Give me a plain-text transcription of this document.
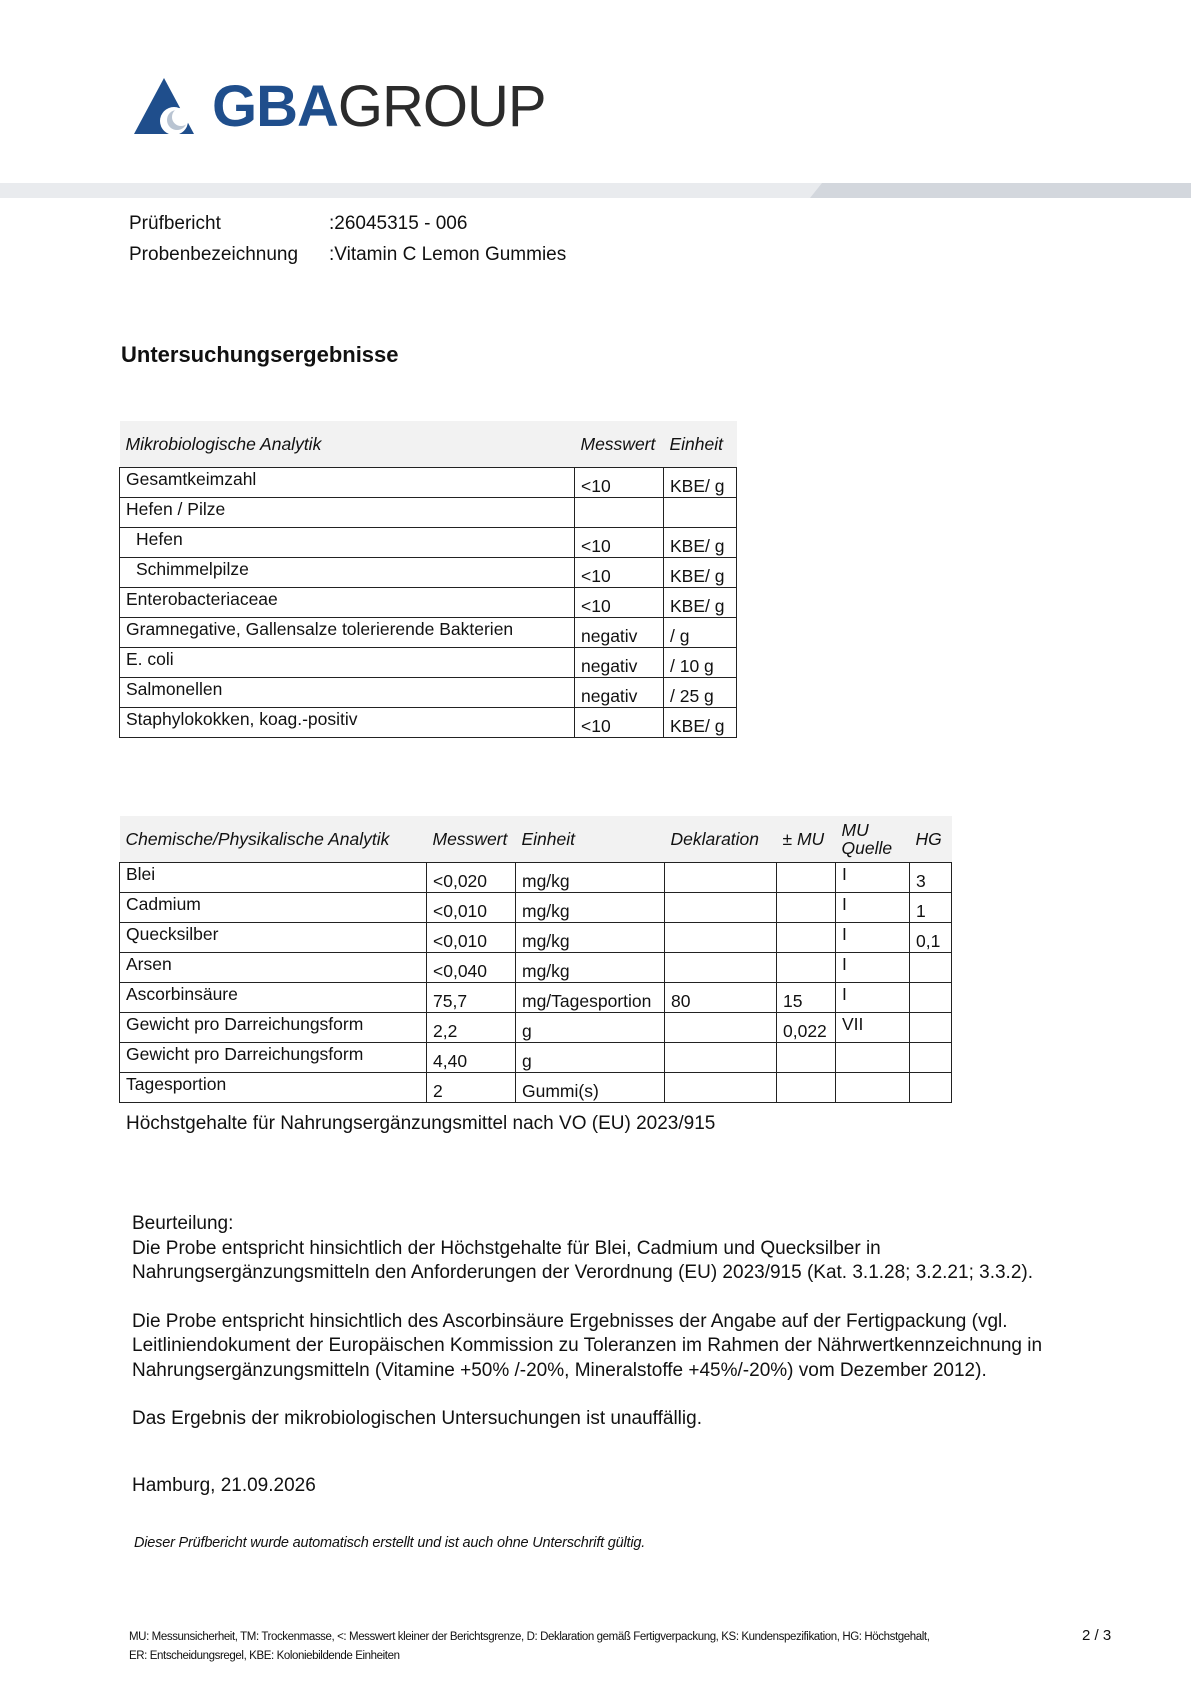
GBAGROUP
Prüfbericht	:26045315 - 006
Probenbezeichnung	:Vitamin C Lemon Gummies
Untersuchungsergebnisse
Mikrobiologische Analytik	Messwert	Einheit
Gesamtkeimzahl	<10	KBE/ g
Hefen / Pilze		
Hefen	<10	KBE/ g
Schimmelpilze	<10	KBE/ g
Enterobacteriaceae	<10	KBE/ g
Gramnegative, Gallensalze tolerierende Bakterien	negativ	/ g
E. coli	negativ	/ 10 g
Salmonellen	negativ	/ 25 g
Staphylokokken, koag.-positiv	<10	KBE/ g
Chemische/Physikalische Analytik	Messwert	Einheit	Deklaration	± MU	MU Quelle	HG
Blei	<0,020	mg/kg			I	3
Cadmium	<0,010	mg/kg			I	1
Quecksilber	<0,010	mg/kg			I	0,1
Arsen	<0,040	mg/kg			I	
Ascorbinsäure	75,7	mg/Tagesportion	80	15	I	
Gewicht pro Darreichungsform	2,2	g		0,022	VII	
Gewicht pro Darreichungsform	4,40	g				
Tagesportion	2	Gummi(s)				
Höchstgehalte für Nahrungsergänzungsmittel nach VO (EU) 2023/915

Beurteilung:

Die Probe entspricht hinsichtlich der Höchstgehalte für Blei, Cadmium und Quecksilber in
Nahrungsergänzungsmitteln den Anforderungen der Verordnung (EU) 2023/915 (Kat. 3.1.28; 3.2.21; 3.3.2).

Die Probe entspricht hinsichtlich des Ascorbinsäure Ergebnisses der Angabe auf der Fertigpackung (vgl.
Leitliniendokument der Europäischen Kommission zu Toleranzen im Rahmen der Nährwertkennzeichnung in
Nahrungsergänzungsmitteln (Vitamine +50% /-20%, Mineralstoffe +45%/-20%) vom Dezember 2012).

Das Ergebnis der mikrobiologischen Untersuchungen ist unauffällig.

Hamburg, 21.09.2026
Dieser Prüfbericht wurde automatisch erstellt und ist auch ohne Unterschrift gültig.
MU: Messunsicherheit, TM: Trockenmasse, <: Messwert kleiner der Berichtsgrenze, D: Deklaration gemäß Fertigverpackung, KS: Kundenspezifikation, HG: Höchstgehalt,
ER: Entscheidungsregel, KBE: Koloniebildende Einheiten
2 / 3
